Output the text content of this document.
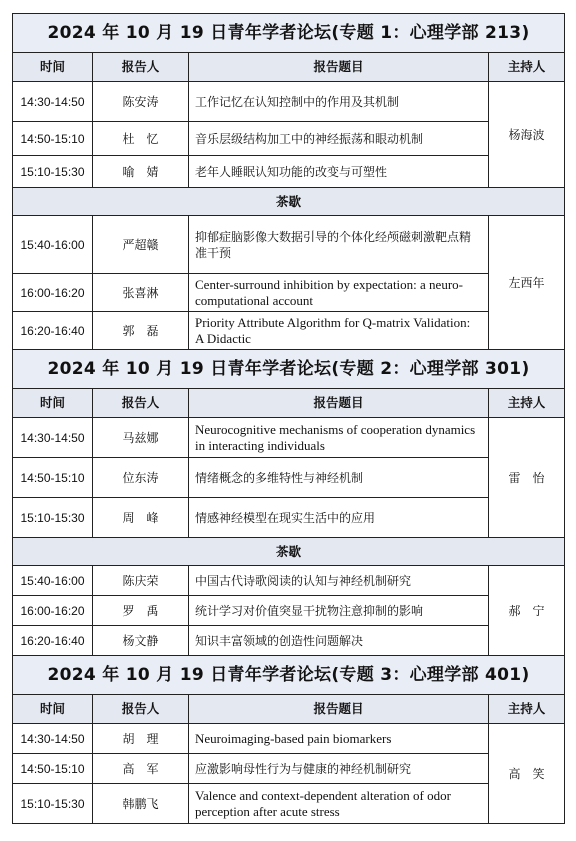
2024 年 10 月 19 日青年学者论坛(专题 1：心理学部 213)			
时间	报告人	报告题目	主持人
14:30-14:50	陈安涛	工作记忆在认知控制中的作用及其机制	杨海波
14:50-15:10	杜　忆	音乐层级结构加工中的神经振荡和眼动机制	
15:10-15:30	喻　婧	老年人睡眠认知功能的改变与可塑性	
茶歇			
15:40-16:00	严超赣	抑郁症脑影像大数据引导的个体化经颅磁刺激靶点精准干预	左西年
16:00-16:20	张喜淋	Center-surround inhibition by expectation: a neuro-computational account	
16:20-16:40	郭　磊	Priority Attribute Algorithm for Q-matrix Validation: A Didactic	
2024 年 10 月 19 日青年学者论坛(专题 2：心理学部 301)			
时间	报告人	报告题目	主持人
14:30-14:50	马兹娜	Neurocognitive mechanisms of cooperation dynamics in interacting individuals	雷　怡
14:50-15:10	位东涛	情绪概念的多维特性与神经机制	
15:10-15:30	周　峰	情感神经模型在现实生活中的应用	
茶歇			
15:40-16:00	陈庆荣	中国古代诗歌阅读的认知与神经机制研究	郝　宁
16:00-16:20	罗　禹	统计学习对价值突显干扰物注意抑制的影响	
16:20-16:40	杨文静	知识丰富领域的创造性问题解决	
2024 年 10 月 19 日青年学者论坛(专题 3：心理学部 401)			
时间	报告人	报告题目	主持人
14:30-14:50	胡　理	Neuroimaging-based pain biomarkers	高　笑
14:50-15:10	高　军	应激影响母性行为与健康的神经机制研究	
15:10-15:30	韩鹏飞	Valence and context-dependent alteration of odor perception after acute stress	
